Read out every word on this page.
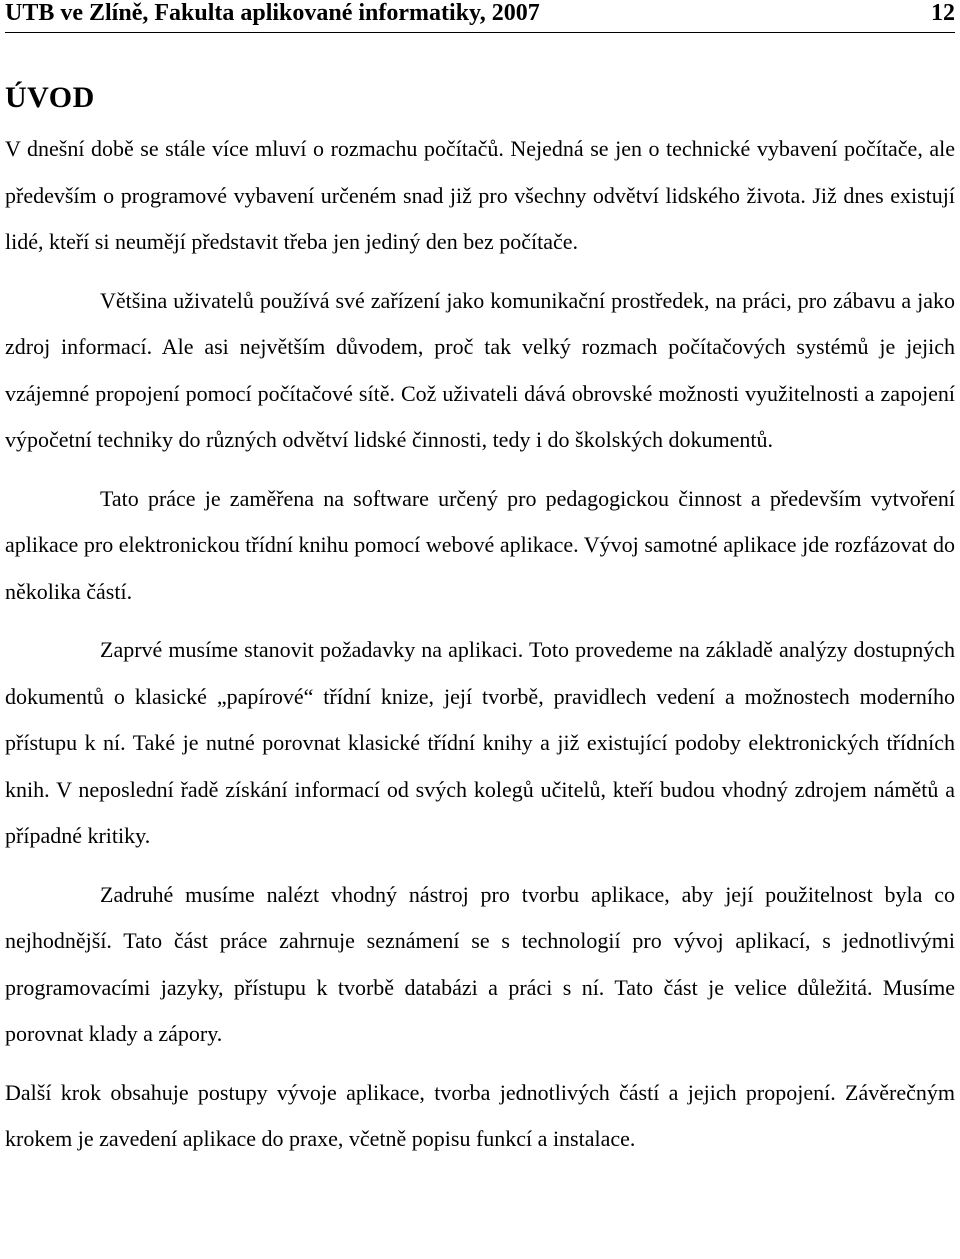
UTB ve Zlíně, Fakulta aplikované informatiky, 2007	12
ÚVOD

V dnešní době se stále více mluví o rozmachu počítačů. Nejedná se jen o technické vybavení počítače, ale především o programové vybavení určeném snad již pro všechny odvětví lidského života. Již dnes existují lidé, kteří si neumějí představit třeba jen jediný den bez počítače.

Většina uživatelů používá své zařízení jako komunikační prostředek, na práci, pro zábavu a jako zdroj informací. Ale asi největším důvodem, proč tak velký rozmach počítačových systémů je jejich vzájemné propojení pomocí počítačové sítě. Což uživateli dává obrovské možnosti využitelnosti a zapojení výpočetní techniky do různých odvětví lidské činnosti, tedy i do školských dokumentů.

Tato práce je zaměřena na software určený pro pedagogickou činnost a především vytvoření aplikace pro elektronickou třídní knihu pomocí webové aplikace. Vývoj samotné aplikace jde rozfázovat do několika částí.

Zaprvé musíme stanovit požadavky na aplikaci. Toto provedeme na základě analýzy dostupných dokumentů o klasické „papírové“ třídní knize, její tvorbě, pravidlech vedení a možnostech moderního přístupu k ní. Také je nutné porovnat klasické třídní knihy a již existující podoby elektronických třídních knih. V neposlední řadě získání informací od svých kolegů učitelů, kteří budou vhodný zdrojem námětů a případné kritiky.

Zadruhé musíme nalézt vhodný nástroj pro tvorbu aplikace, aby její použitelnost byla co nejhodnější. Tato část práce zahrnuje seznámení se s technologií pro vývoj aplikací, s jednotlivými programovacími jazyky, přístupu k tvorbě databázi a práci s ní. Tato část je velice důležitá. Musíme porovnat klady a zápory.

Další krok obsahuje postupy vývoje aplikace, tvorba jednotlivých částí a jejich propojení. Závěrečným krokem je zavedení aplikace do praxe, včetně popisu funkcí a instalace.
